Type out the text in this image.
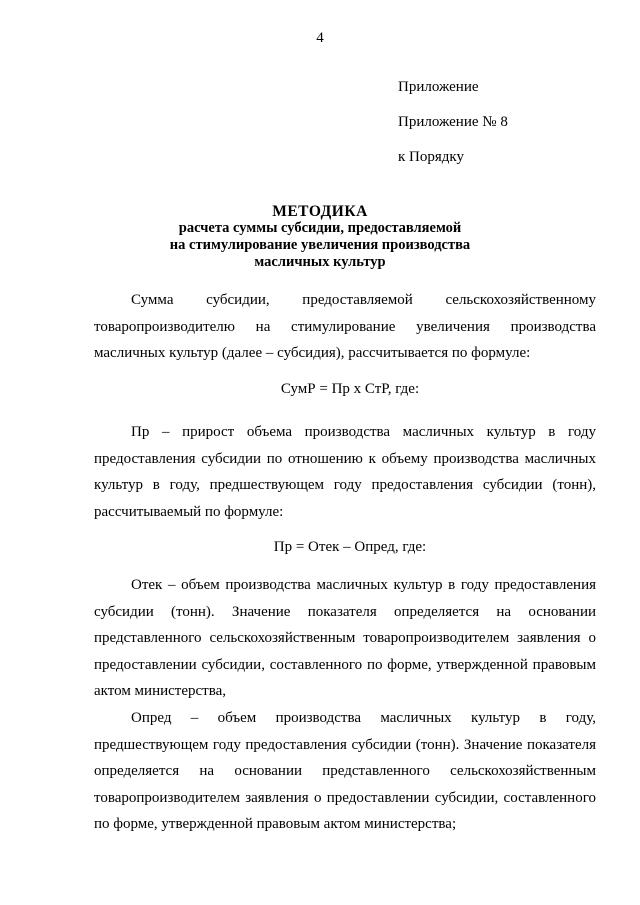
4
Приложение
Приложение № 8
к Порядку
МЕТОДИКА
расчета суммы субсидии, предоставляемой
на стимулирование увеличения производства
масличных культур

Сумма субсидии, предоставляемой сельскохозяйственному товаропроизводителю на стимулирование увеличения производства масличных культур (далее – субсидия), рассчитывается по формуле:

СумР = Пр х СтР, где:

Пр – прирост объема производства масличных культур в году предоставления субсидии по отношению к объему производства масличных культур в году, предшествующем году предоставления субсидии (тонн), рассчитываемый по формуле:

Пр = Отек – Опред, где:

Отек – объем производства масличных культур в году предоставления субсидии (тонн). Значение показателя определяется на основании представленного сельскохозяйственным товаропроизводителем заявления о предоставлении субсидии, составленного по форме, утвержденной правовым актом министерства,

Опред – объем производства масличных культур в году, предшествующем году предоставления субсидии (тонн). Значение показателя определяется на основании представленного сельскохозяйственным товаропроизводителем заявления о предоставлении субсидии, составленного по форме, утвержденной правовым актом министерства;
